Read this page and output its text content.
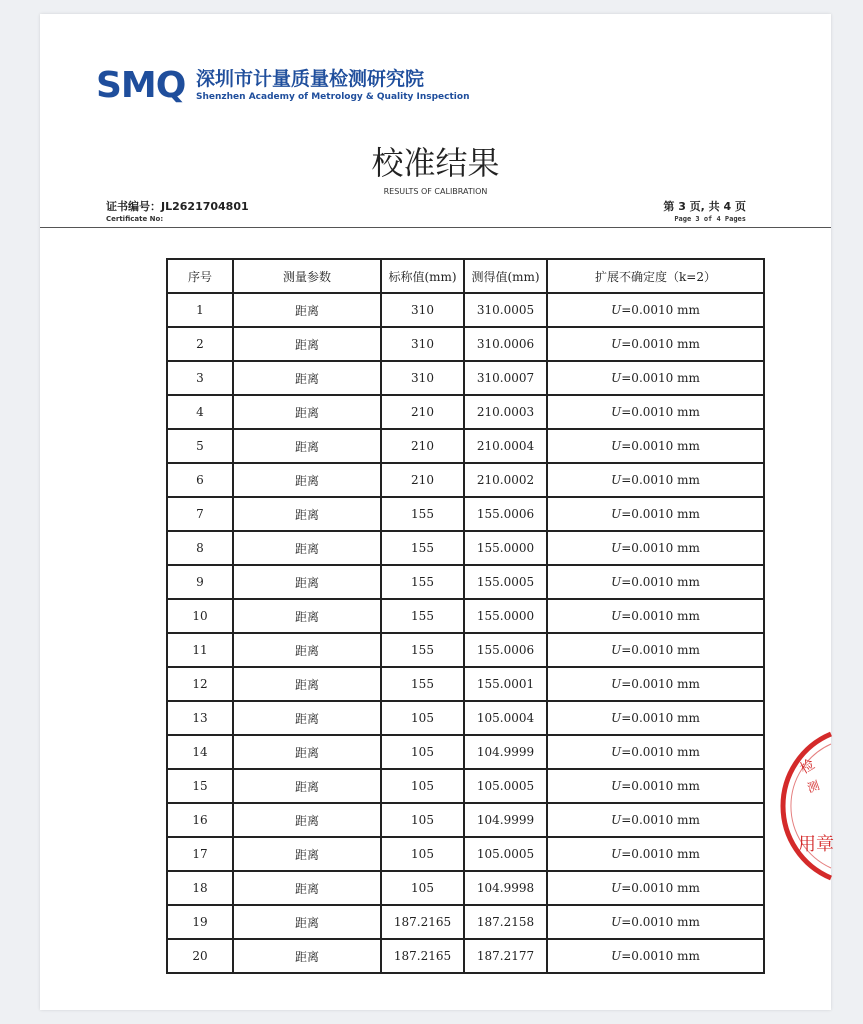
SMQ 深圳市计量质量检测研究院
Shenzhen Academy of Metrology & Quality Inspection
校准结果
RESULTS OF CALIBRATION
证书编号：JL2621704801
Certificate No:
第 3 页, 共 4 页
Page 3 of 4 Pages
序号	测量参数	标称值(mm)	测得值(mm)	扩展不确定度（k=2）
1	距离	310	310.0005	U=0.0010 mm
2	距离	310	310.0006	U=0.0010 mm
3	距离	310	310.0007	U=0.0010 mm
4	距离	210	210.0003	U=0.0010 mm
5	距离	210	210.0004	U=0.0010 mm
6	距离	210	210.0002	U=0.0010 mm
7	距离	155	155.0006	U=0.0010 mm
8	距离	155	155.0000	U=0.0010 mm
9	距离	155	155.0005	U=0.0010 mm
10	距离	155	155.0000	U=0.0010 mm
11	距离	155	155.0006	U=0.0010 mm
12	距离	155	155.0001	U=0.0010 mm
13	距离	105	105.0004	U=0.0010 mm
14	距离	105	104.9999	U=0.0010 mm
15	距离	105	105.0005	U=0.0010 mm
16	距离	105	104.9999	U=0.0010 mm
17	距离	105	105.0005	U=0.0010 mm
18	距离	105	104.9998	U=0.0010 mm
19	距离	187.2165	187.2158	U=0.0010 mm
20	距离	187.2165	187.2177	U=0.0010 mm
检
测
用 章
